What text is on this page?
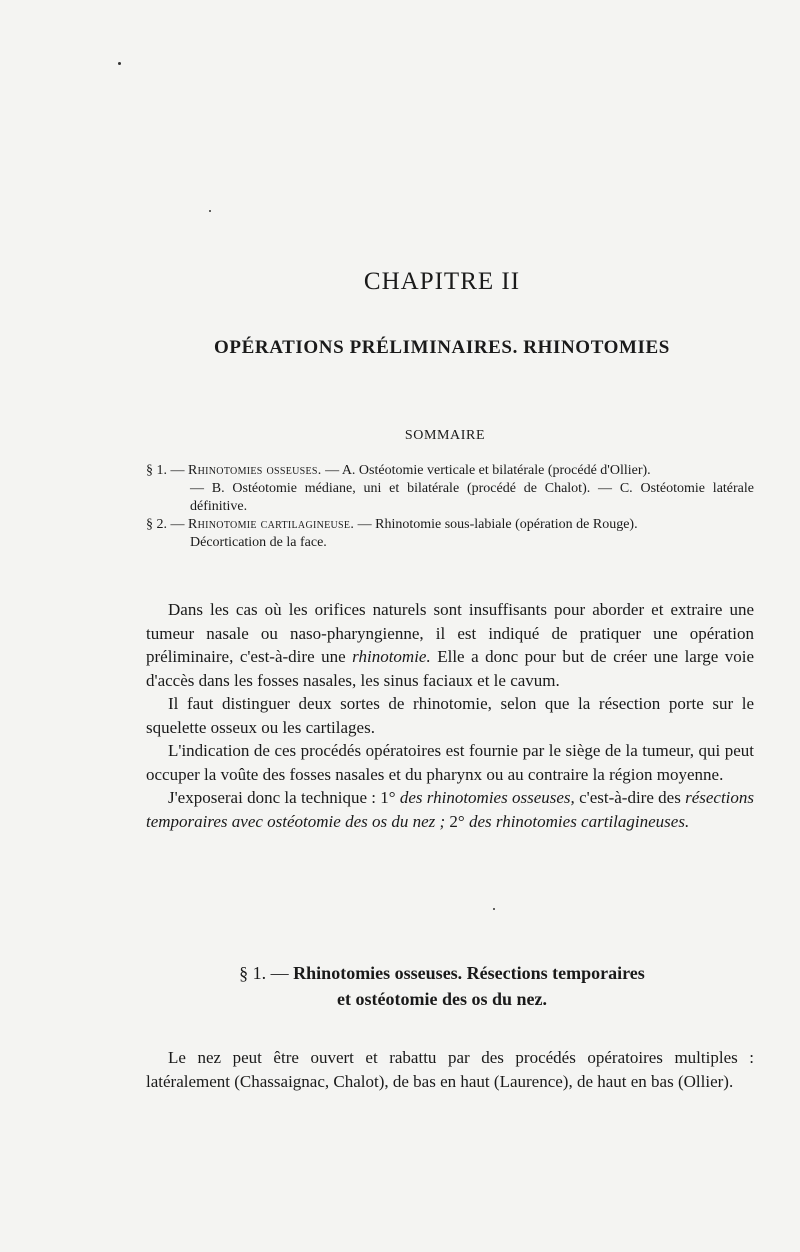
CHAPITRE II
OPÉRATIONS PRÉLIMINAIRES. RHINOTOMIES
SOMMAIRE

§ 1. — Rhinotomies osseuses. — A. Ostéotomie verticale et bilatérale (procédé d'Ollier).

— B. Ostéotomie médiane, uni et bilatérale (procédé de Chalot). — C. Ostéotomie latérale définitive.

§ 2. — Rhinotomie cartilagineuse. — Rhinotomie sous-labiale (opération de Rouge).

Décortication de la face.

Dans les cas où les orifices naturels sont insuffisants pour aborder et extraire une tumeur nasale ou naso-pharyngienne, il est indiqué de pratiquer une opération préliminaire, c'est-à-dire une rhinotomie. Elle a donc pour but de créer une large voie d'accès dans les fosses nasales, les sinus faciaux et le cavum.

Il faut distinguer deux sortes de rhinotomie, selon que la résection porte sur le squelette osseux ou les cartilages.

L'indication de ces procédés opératoires est fournie par le siège de la tumeur, qui peut occuper la voûte des fosses nasales et du pharynx ou au contraire la région moyenne.

J'exposerai donc la technique : 1° des rhinotomies osseuses, c'est-à-dire des résections temporaires avec ostéotomie des os du nez ; 2° des rhinotomies cartilagineuses.

§ 1. — Rhinotomies osseuses. Résections temporaires
et ostéotomie des os du nez.

Le nez peut être ouvert et rabattu par des procédés opératoires multiples : latéralement (Chassaignac, Chalot), de bas en haut (Laurence), de haut en bas (Ollier).
